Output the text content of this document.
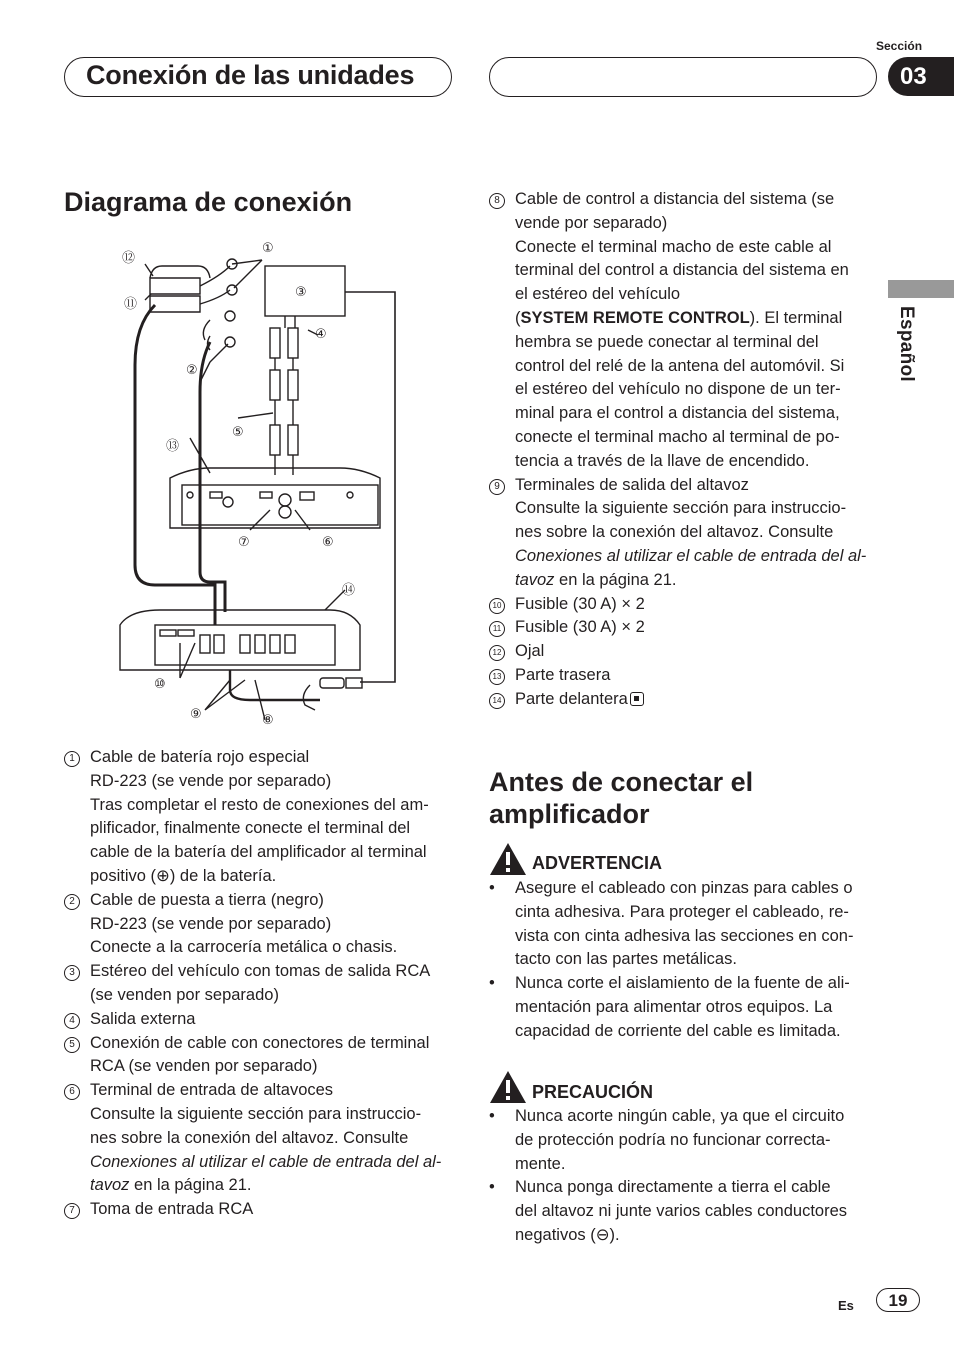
Conexión de las unidades
Sección
03
Español
Diagrama de conexión
⑫
①
⑪
③
④
②
⑤
⑬
⑦	⑥
⑭
⑩
⑨	⑧
1 Cable de batería rojo especial
RD-223 (se vende por separado)
Tras completar el resto de conexiones del am-
plificador, finalmente conecte el terminal del
cable de la batería del amplificador al terminal
positivo (⊕) de la batería.
2 Cable de puesta a tierra (negro)
RD-223 (se vende por separado)
Conecte a la carrocería metálica o chasis.
3 Estéreo del vehículo con tomas de salida RCA
(se venden por separado)
4 Salida externa
5 Conexión de cable con conectores de terminal
RCA (se venden por separado)
6 Terminal de entrada de altavoces
Consulte la siguiente sección para instruccio-
nes sobre la conexión del altavoz. Consulte
Conexiones al utilizar el cable de entrada del al-
tavoz en la página 21.
7 Toma de entrada RCA
8 Cable de control a distancia del sistema (se
vende por separado)
Conecte el terminal macho de este cable al
terminal del control a distancia del sistema en
el estéreo del vehículo
(SYSTEM REMOTE CONTROL). El terminal
hembra se puede conectar al terminal del
control del relé de la antena del automóvil. Si
el estéreo del vehículo no dispone de un ter-
minal para el control a distancia del sistema,
conecte el terminal macho al terminal de po-
tencia a través de la llave de encendido.
9 Terminales de salida del altavoz
Consulte la siguiente sección para instruccio-
nes sobre la conexión del altavoz. Consulte
Conexiones al utilizar el cable de entrada del al-
tavoz en la página 21.
10 Fusible (30 A) × 2
11 Fusible (30 A) × 2
12 Ojal
13 Parte trasera
14 Parte delantera
Antes de conectar el
amplificador
ADVERTENCIA
• Asegure el cableado con pinzas para cables o
cinta adhesiva. Para proteger el cableado, re-
vista con cinta adhesiva las secciones en con-
tacto con las partes metálicas.
• Nunca corte el aislamiento de la fuente de ali-
mentación para alimentar otros equipos. La
capacidad de corriente del cable es limitada.
PRECAUCIÓN
• Nunca acorte ningún cable, ya que el circuito
de protección podría no funcionar correcta-
mente.
• Nunca ponga directamente a tierra el cable
del altavoz ni junte varios cables conductores
negativos (⊖).
Es	19
